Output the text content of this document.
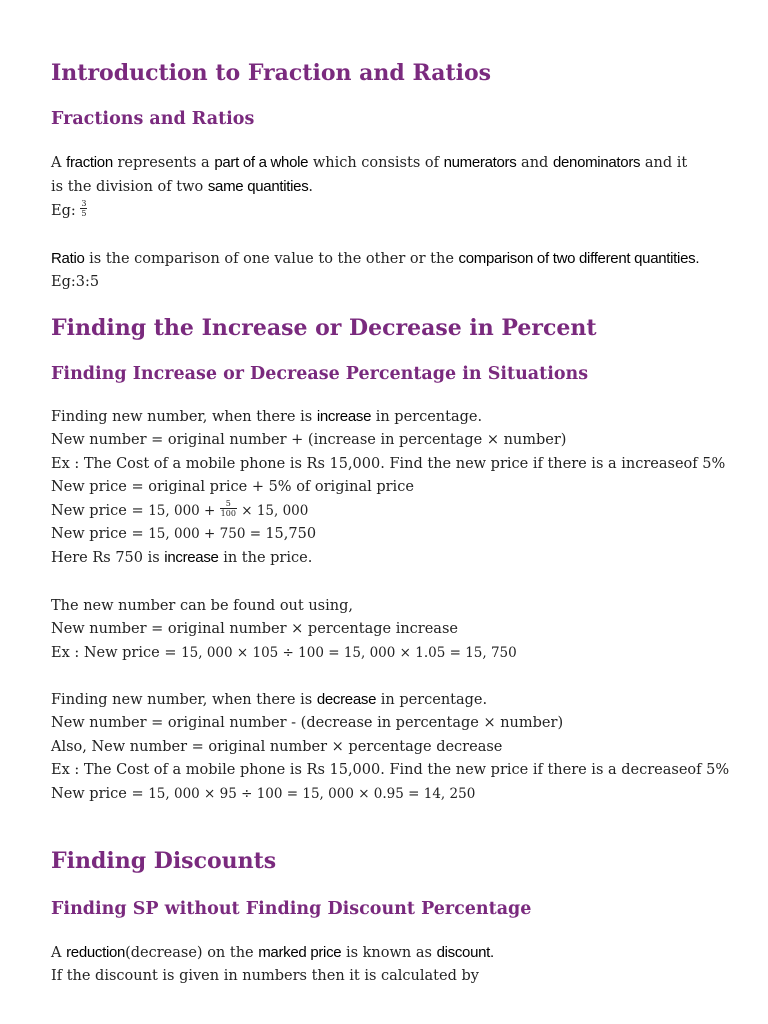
Introduction to Fraction and Ratios
Fractions and Ratios

A fraction represents a part of a whole which consists of numerators and denominators and it
is the division of two same quantities.
Eg: $\frac{3}{5}$

Ratio is the comparison of one value to the other or the comparison of two different quantities.
Eg:3:5

Finding the Increase or Decrease in Percent
Finding Increase or Decrease Percentage in Situations

Finding new number, when there is increase in percentage.
New number = original number + (increase in percentage × number)
Ex : The Cost of a mobile phone is Rs 15,000. Find the new price if there is a increaseof 5%
New price = original price + 5% of original price
New price = 15, $000 + \frac{5}{100} \times 15$, 000
New price = 15, 000 + 750 = 15,750
Here Rs 750 is increase in the price.

The new number can be found out using,
New number = original number × percentage increase
Ex : New price = 15, 000 × 105 ÷ 100 = 15, 000 × 1.05 = 15, 750

Finding new number, when there is decrease in percentage.
New number = original number - (decrease in percentage × number)
Also, New number = original number × percentage decrease
Ex : The Cost of a mobile phone is Rs 15,000. Find the new price if there is a decreaseof 5%
New price = 15, 000 × 95 ÷ 100 = 15, 000 × 0.95 = 14, 250

Finding Discounts
Finding SP without Finding Discount Percentage

A reduction(decrease) on the marked price is known as discount.
If the discount is given in numbers then it is calculated by
